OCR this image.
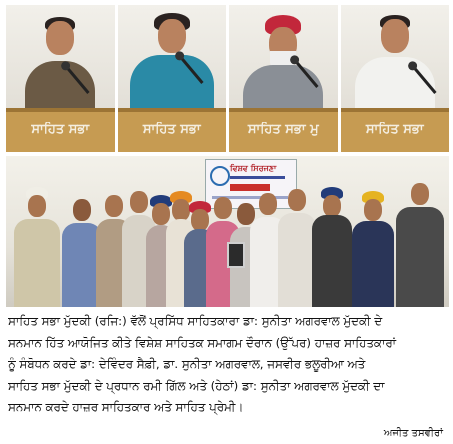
ਸਾਹਿਤ ਸਭਾ	ਸਾਹਿਤ ਸਭਾ	ਸਾਹਿਤ ਸਭਾ ਮੁ	ਸਾਹਿਤ ਸਭਾ
ਵਿਸ਼ਵ ਸਿਰਜਣਾ

ਸਾਹਿਤ ਸਭਾ ਮੁੱਦਕੀ (ਰਜਿ:) ਵੱਲੋਂ ਪ੍ਰਸਿੱਧ ਸਾਹਿਤਕਾਰਾ ਡਾ: ਸੁਨੀਤਾ ਅਗਰਵਾਲ ਮੁੱਦਕੀ ਦੇ
ਸਨਮਾਨ ਹਿੱਤ ਆਯੋਜਿਤ ਕੀਤੇ ਵਿਸ਼ੇਸ਼ ਸਾਹਿਤਕ ਸਮਾਗਮ ਦੌਰਾਨ (ਉੱਪਰ) ਹਾਜ਼ਰ ਸਾਹਿਤਕਾਰਾਂ
ਨੂੰ ਸੰਬੋਧਨ ਕਰਦੇ ਡਾ: ਦੇਵਿੰਦਰ ਸੈਫ਼ੀ, ਡਾ. ਸੁਨੀਤਾ ਅਗਰਵਾਲ, ਜਸਵੀਰ ਭਲੂਰੀਆ ਅਤੇ
ਸਾਹਿਤ ਸਭਾ ਮੁੱਦਕੀ ਦੇ ਪ੍ਰਧਾਨ ਰਮੀ ਗਿੱਲ ਅਤੇ (ਹੇਠਾਂ) ਡਾ: ਸੁਨੀਤਾ ਅਗਰਵਾਲ ਮੁੱਦਕੀ ਦਾ
ਸਨਮਾਨ ਕਰਦੇ ਹਾਜ਼ਰ ਸਾਹਿਤਕਾਰ ਅਤੇ ਸਾਹਿਤ ਪ੍ਰੇਮੀ।

ਅਜੀਤ ਤਸਵੀਰਾਂ
